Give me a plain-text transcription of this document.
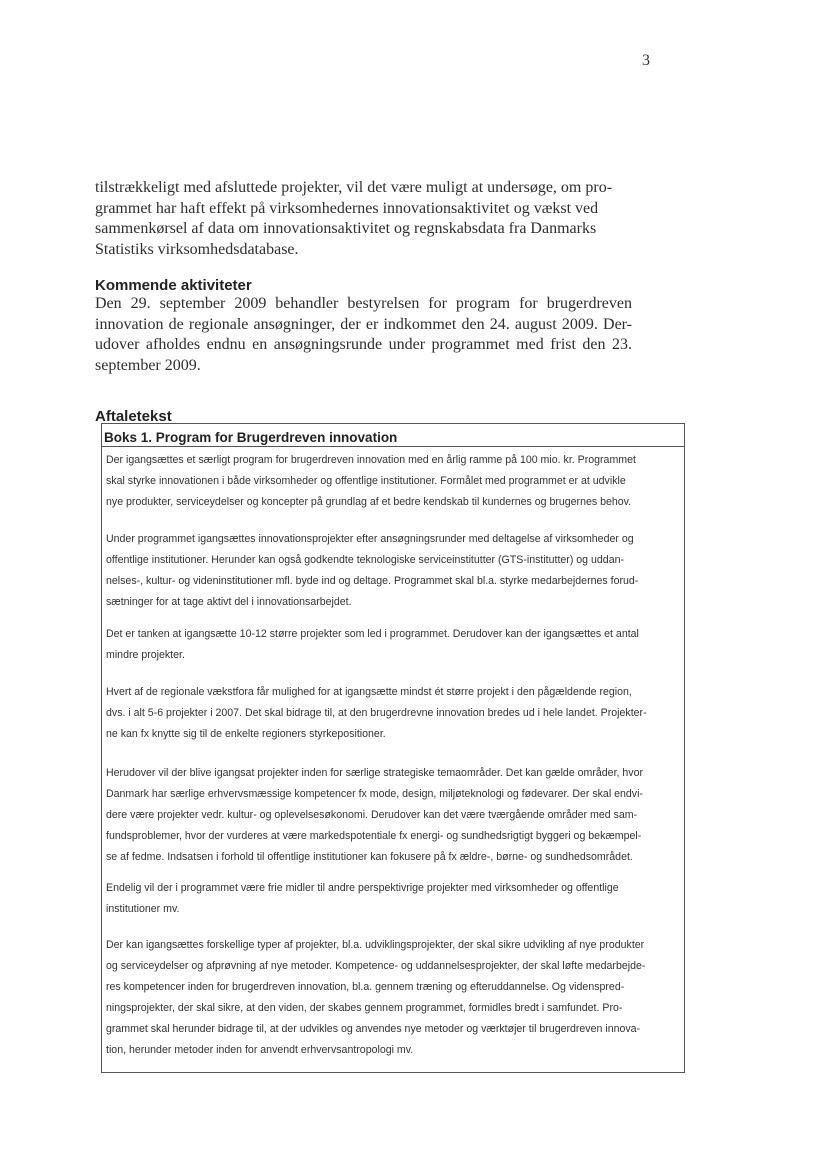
3
tilstrækkeligt med afsluttede projekter, vil det være muligt at undersøge, om pro-
grammet har haft effekt på virksomhedernes innovationsaktivitet og vækst ved
sammenkørsel af data om innovationsaktivitet og regnskabsdata fra Danmarks
Statistiks virksomhedsdatabase.
Kommende aktiviteter
Den 29. september 2009 behandler bestyrelsen for program for brugerdreven
innovation de regionale ansøgninger, der er indkommet den 24. august 2009. Der-
udover afholdes endnu en ansøgningsrunde under programmet med frist den 23.
september 2009.
Aftaletekst
Boks 1. Program for Brugerdreven innovation
Der igangsættes et særligt program for brugerdreven innovation med en årlig ramme på 100 mio. kr. Programmet
skal styrke innovationen i både virksomheder og offentlige institutioner. Formålet med programmet er at udvikle
nye produkter, serviceydelser og koncepter på grundlag af et bedre kendskab til kundernes og brugernes behov.
Under programmet igangsættes innovationsprojekter efter ansøgningsrunder med deltagelse af virksomheder og
offentlige institutioner. Herunder kan også godkendte teknologiske serviceinstitutter (GTS-institutter) og uddan-
nelses-, kultur- og videninstitutioner mfl. byde ind og deltage. Programmet skal bl.a. styrke medarbejdernes forud-
sætninger for at tage aktivt del i innovationsarbejdet.
Det er tanken at igangsætte 10-12 større projekter som led i programmet. Derudover kan der igangsættes et antal
mindre projekter.
Hvert af de regionale vækstfora får mulighed for at igangsætte mindst ét større projekt i den pågældende region,
dvs. i alt 5-6 projekter i 2007. Det skal bidrage til, at den brugerdrevne innovation bredes ud i hele landet. Projekter-
ne kan fx knytte sig til de enkelte regioners styrkepositioner.
Herudover vil der blive igangsat projekter inden for særlige strategiske temaområder. Det kan gælde områder, hvor
Danmark har særlige erhvervsmæssige kompetencer fx mode, design, miljøteknologi og fødevarer. Der skal endvi-
dere være projekter vedr. kultur- og oplevelsesøkonomi. Derudover kan det være tværgående områder med sam-
fundsproblemer, hvor der vurderes at være markedspotentiale fx energi- og sundhedsrigtigt byggeri og bekæmpel-
se af fedme. Indsatsen i forhold til offentlige institutioner kan fokusere på fx ældre-, børne- og sundhedsområdet.
Endelig vil der i programmet være frie midler til andre perspektivrige projekter med virksomheder og offentlige
institutioner mv.
Der kan igangsættes forskellige typer af projekter, bl.a. udviklingsprojekter, der skal sikre udvikling af nye produkter
og serviceydelser og afprøvning af nye metoder. Kompetence- og uddannelsesprojekter, der skal løfte medarbejde-
res kompetencer inden for brugerdreven innovation, bl.a. gennem træning og efteruddannelse. Og videnspred-
ningsprojekter, der skal sikre, at den viden, der skabes gennem programmet, formidles bredt i samfundet. Pro-
grammet skal herunder bidrage til, at der udvikles og anvendes nye metoder og værktøjer til brugerdreven innova-
tion, herunder metoder inden for anvendt erhvervsantropologi mv.
